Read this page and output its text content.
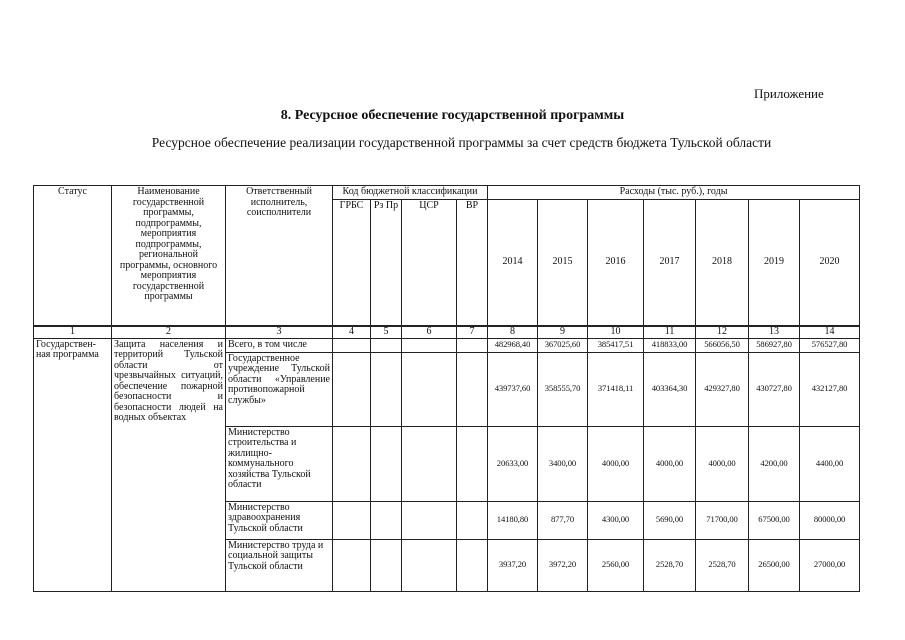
Приложение
8. Ресурсное обеспечение государственной программы
Ресурсное обеспечение реализации государственной программы за счет средств бюджета Тульской области
Статус	Наименование государственной программы, подпрограммы, мероприятия подпрограммы, региональной программы, основного мероприятия государственной программы	Ответственный исполнитель, соисполнители	Код бюджетной классификации				Расходы (тыс. руб.), годы						
			ГРБС	Рз Пр	ЦСР	ВР	2014	2015	2016	2017	2018	2019	2020
1	2	3	4	5	6	7	8	9	10	11	12	13	14
Государствен-ная программа	Защита населения и территорий Тульской области от чрезвычайных ситуаций, обеспечение пожарной безопасности и безопасности людей на водных объектах	Всего, в том числе					482968,40	367025,60	385417,51	418833,00	566056,50	586927,80	576527,80
		Государственное учреждение Тульской области «Управление противопожарной службы»					439737,60	358555,70	371418,11	403364,30	429327,80	430727,80	432127,80
		Министерство строительства и жилищно-коммунального хозяйства Тульской области					20633,00	3400,00	4000,00	4000,00	4000,00	4200,00	4400,00
		Министерство здравоохранения Тульской области					14180,80	877,70	4300,00	5690,00	71700,00	67500,00	80000,00
		Министерство труда и социальной защиты Тульской области					3937,20	3972,20	2560,00	2528,70	2528,70	26500,00	27000,00
